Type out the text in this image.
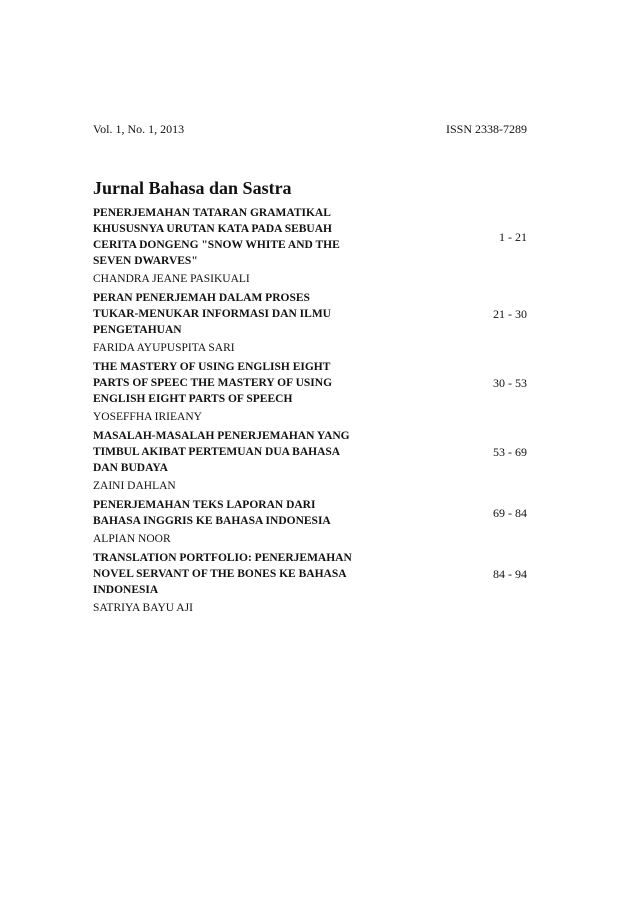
Vol. 1, No. 1, 2013	ISSN 2338-7289
Jurnal Bahasa dan Sastra
PENERJEMAHAN TATARAN GRAMATIKAL
KHUSUSNYA URUTAN KATA PADA SEBUAH
CERITA DONGENG "SNOW WHITE AND THE
SEVEN DWARVES"
CHANDRA JEANE PASIKUALI
1 - 21
PERAN PENERJEMAH DALAM PROSES
TUKAR-MENUKAR INFORMASI DAN ILMU
PENGETAHUAN
FARIDA AYUPUSPITA SARI
21 - 30
THE MASTERY OF USING ENGLISH EIGHT
PARTS OF SPEEC THE MASTERY OF USING
ENGLISH EIGHT PARTS OF SPEECH
YOSEFFHA IRIEANY
30 - 53
MASALAH-MASALAH PENERJEMAHAN YANG
TIMBUL AKIBAT PERTEMUAN DUA BAHASA
DAN BUDAYA
ZAINI DAHLAN
53 - 69
PENERJEMAHAN TEKS LAPORAN DARI
BAHASA INGGRIS KE BAHASA INDONESIA
ALPIAN NOOR
69 - 84
TRANSLATION PORTFOLIO: PENERJEMAHAN
NOVEL SERVANT OF THE BONES KE BAHASA
INDONESIA
SATRIYA BAYU AJI
84 - 94
